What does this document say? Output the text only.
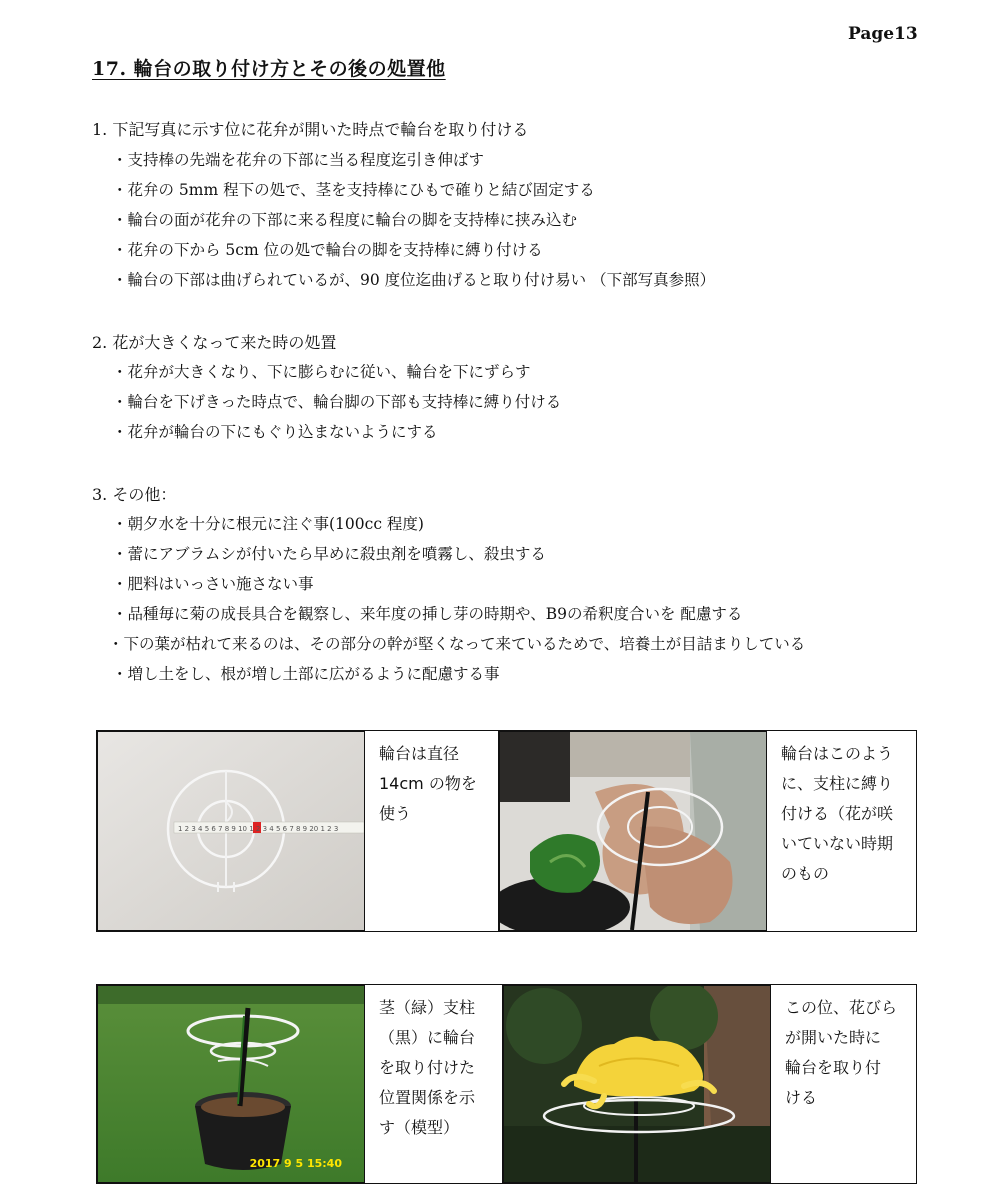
Page13
17. 輪台の取り付け方とその後の処置他
1. 下記写真に示す位に花弁が開いた時点で輪台を取り付ける
・支持棒の先端を花弁の下部に当る程度迄引き伸ばす
・花弁の 5mm 程下の処で、茎を支持棒にひもで確りと結び固定する
・輪台の面が花弁の下部に来る程度に輪台の脚を支持棒に挟み込む
・花弁の下から 5cm 位の処で輪台の脚を支持棒に縛り付ける
・輪台の下部は曲げられているが、90 度位迄曲げると取り付け易い （下部写真参照）
2. 花が大きくなって来た時の処置
・花弁が大きくなり、下に膨らむに従い、輪台を下にずらす
・輪台を下げきった時点で、輪台脚の下部も支持棒に縛り付ける
・花弁が輪台の下にもぐり込まないようにする
3. その他：
・朝夕水を十分に根元に注ぐ事(100cc 程度)
・蕾にアブラムシが付いたら早めに殺虫剤を噴霧し、殺虫する
・肥料はいっさい施さない事
・品種毎に菊の成長具合を観察し、来年度の挿し芽の時期や、B9の希釈度合いを 配慮する
・下の葉が枯れて来るのは、その部分の幹が堅くなって来ているためで、培養土が目詰まりしている
・増し土をし、根が増し土部に広がるように配慮する事
1 2 3 4 5 6 7 8 9 10 1 2 3 4 5 6 7 8 9 20 1 2 3
輪台は直径
14cm の物を
使う
輪台はこのよう
に、支柱に縛り
付ける（花が咲
いていない時期
のもの
2017 9 5 15:40
茎（緑）支柱
（黒）に輪台
を取り付けた
位置関係を示
す（模型）
この位、花びら
が開いた時に
輪台を取り付
ける
